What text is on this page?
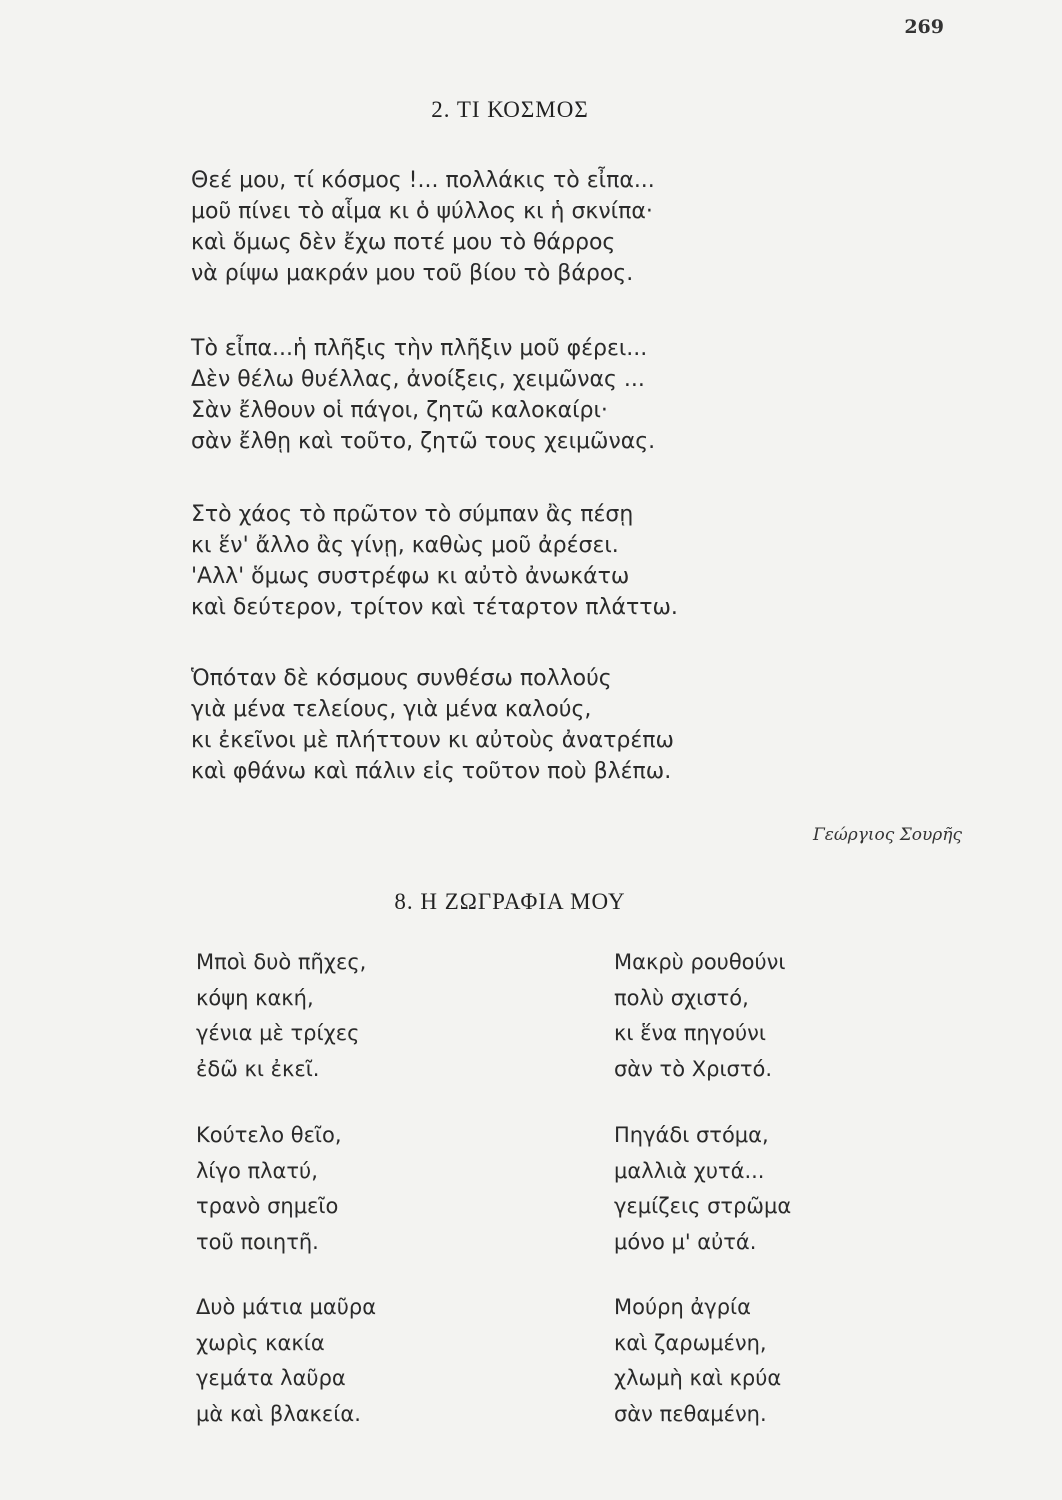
269
2. ΤΙ ΚΟΣΜΟΣ
Θεέ μου, τί κόσμος !... πολλάκις τὸ εἶπα...
μοῦ πίνει τὸ αἷμα κι ὁ ψύλλος κι ἡ σκνίπα·
καὶ ὅμως δὲν ἔχω ποτέ μου τὸ θάρρος
νὰ ρίψω μακράν μου τοῦ βίου τὸ βάρος.
Τὸ εἶπα...ἡ πλῆξις τὴν πλῆξιν μοῦ φέρει...
Δὲν θέλω θυέλλας, ἀνοίξεις, χειμῶνας ...
Σὰν ἔλθουν οἱ πάγοι, ζητῶ καλοκαίρι·
σὰν ἔλθῃ καὶ τοῦτο, ζητῶ τους χειμῶνας.
Στὸ χάος τὸ πρῶτον τὸ σύμπαν ἂς πέσῃ
κι ἕν' ἄλλο ἂς γίνῃ, καθὼς μοῦ ἀρέσει.
'Αλλ' ὅμως συστρέφω κι αὐτὸ ἀνωκάτω
καὶ δεύτερον, τρίτον καὶ τέταρτον πλάττω.
Ὁπόταν δὲ κόσμους συνθέσω πολλούς
γιὰ μένα τελείους, γιὰ μένα καλούς,
κι ἐκεῖνοι μὲ πλήττουν κι αὐτοὺς ἀνατρέπω
καὶ φθάνω καὶ πάλιν εἰς τοῦτον ποὺ βλέπω.
Γεώργιος Σουρῆς
8. Η ΖΩΓΡΑΦΙΑ ΜΟΥ
Μποὶ δυὸ πῆχες,
κόψη κακή,
γένια μὲ τρίχες
ἐδῶ κι ἐκεῖ.
Μακρὺ ρουθούνι
πολὺ σχιστό,
κι ἕνα πηγούνι
σὰν τὸ Χριστό.
Κούτελο θεῖο,
λίγο πλατύ,
τρανὸ σημεῖο
τοῦ ποιητῆ.
Πηγάδι στόμα,
μαλλιὰ χυτά...
γεμίζεις στρῶμα
μόνο μ' αὐτά.
Δυὸ μάτια μαῦρα
χωρὶς κακία
γεμάτα λαῦρα
μὰ καὶ βλακεία.
Μούρη ἀγρία
καὶ ζαρωμένη,
χλωμὴ καὶ κρύα
σὰν πεθαμένη.
